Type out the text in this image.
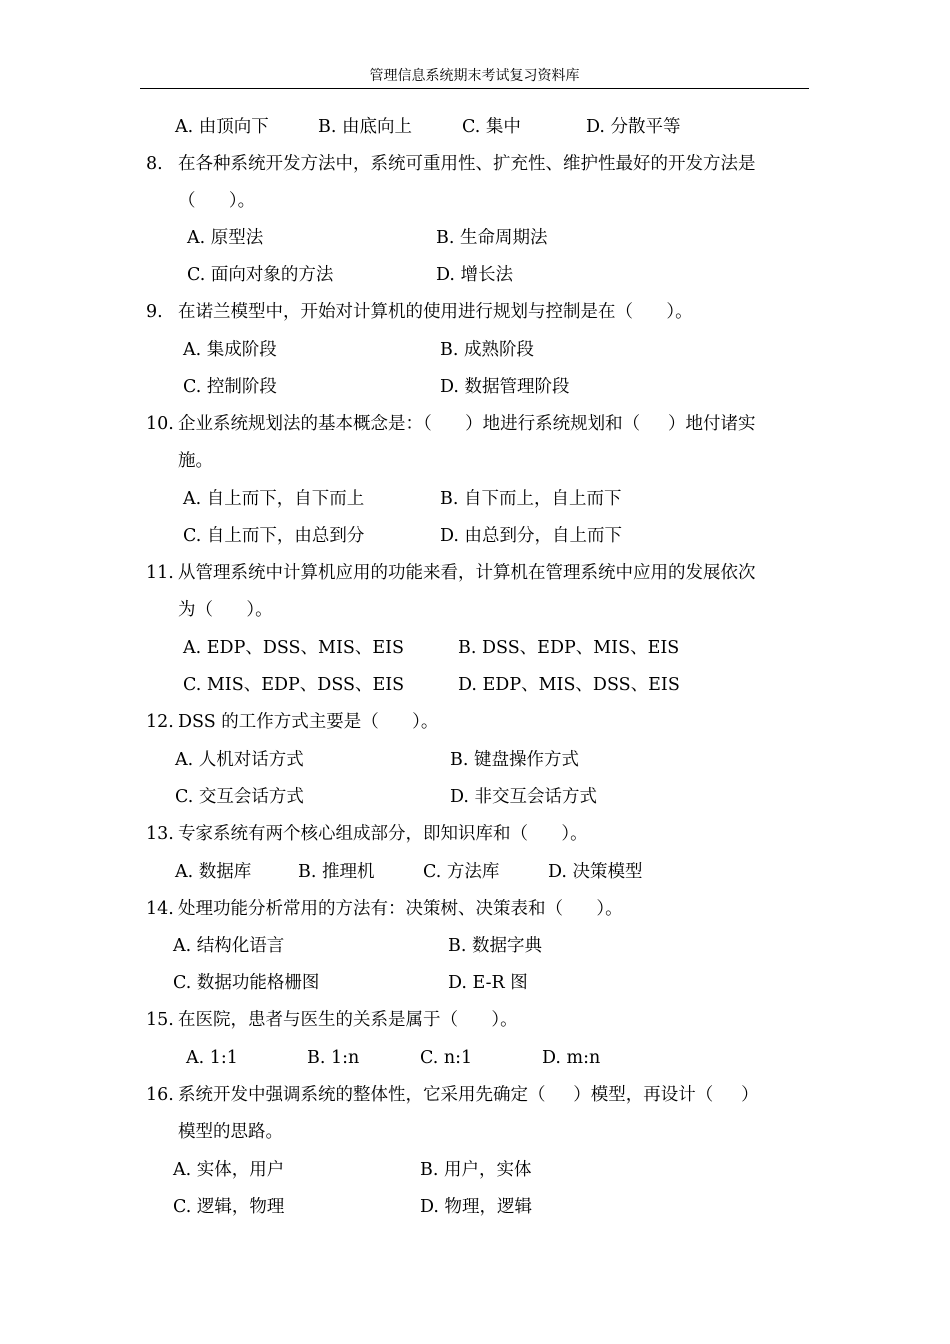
管理信息系统期末考试复习资料库
A. 由顶向下	B. 由底向上	C. 集中	D. 分散平等
8. 在各种系统开发方法中，系统可重用性、扩充性、维护性最好的开发方法是
（      ）。
A. 原型法	B. 生命周期法
C. 面向对象的方法	D. 增长法
9. 在诺兰模型中，开始对计算机的使用进行规划与控制是在（      ）。
A. 集成阶段	B. 成熟阶段
C. 控制阶段	D. 数据管理阶段
10. 企业系统规划法的基本概念是：（      ）地进行系统规划和（     ）地付诸实
施。
A. 自上而下，自下而上	B. 自下而上，自上而下
C. 自上而下，由总到分	D. 由总到分，自上而下
11. 从管理系统中计算机应用的功能来看，计算机在管理系统中应用的发展依次
为（      ）。
A. EDP、DSS、MIS、EIS	B. DSS、EDP、MIS、EIS
C. MIS、EDP、DSS、EIS	D. EDP、MIS、DSS、EIS
12. DSS 的工作方式主要是（      ）。
A. 人机对话方式	B. 键盘操作方式
C. 交互会话方式	D. 非交互会话方式
13. 专家系统有两个核心组成部分，即知识库和（      ）。
A. 数据库	B. 推理机	C. 方法库	D. 决策模型
14. 处理功能分析常用的方法有：决策树、决策表和（      ）。
A. 结构化语言	B. 数据字典
C. 数据功能格栅图	D. E-R 图
15. 在医院，患者与医生的关系是属于（      ）。
A. 1:1	B. 1:n	C. n:1	D. m:n
16. 系统开发中强调系统的整体性，它采用先确定（     ）模型，再设计（     ）
模型的思路。
A. 实体，用户	B. 用户，实体
C. 逻辑，物理	D. 物理，逻辑
